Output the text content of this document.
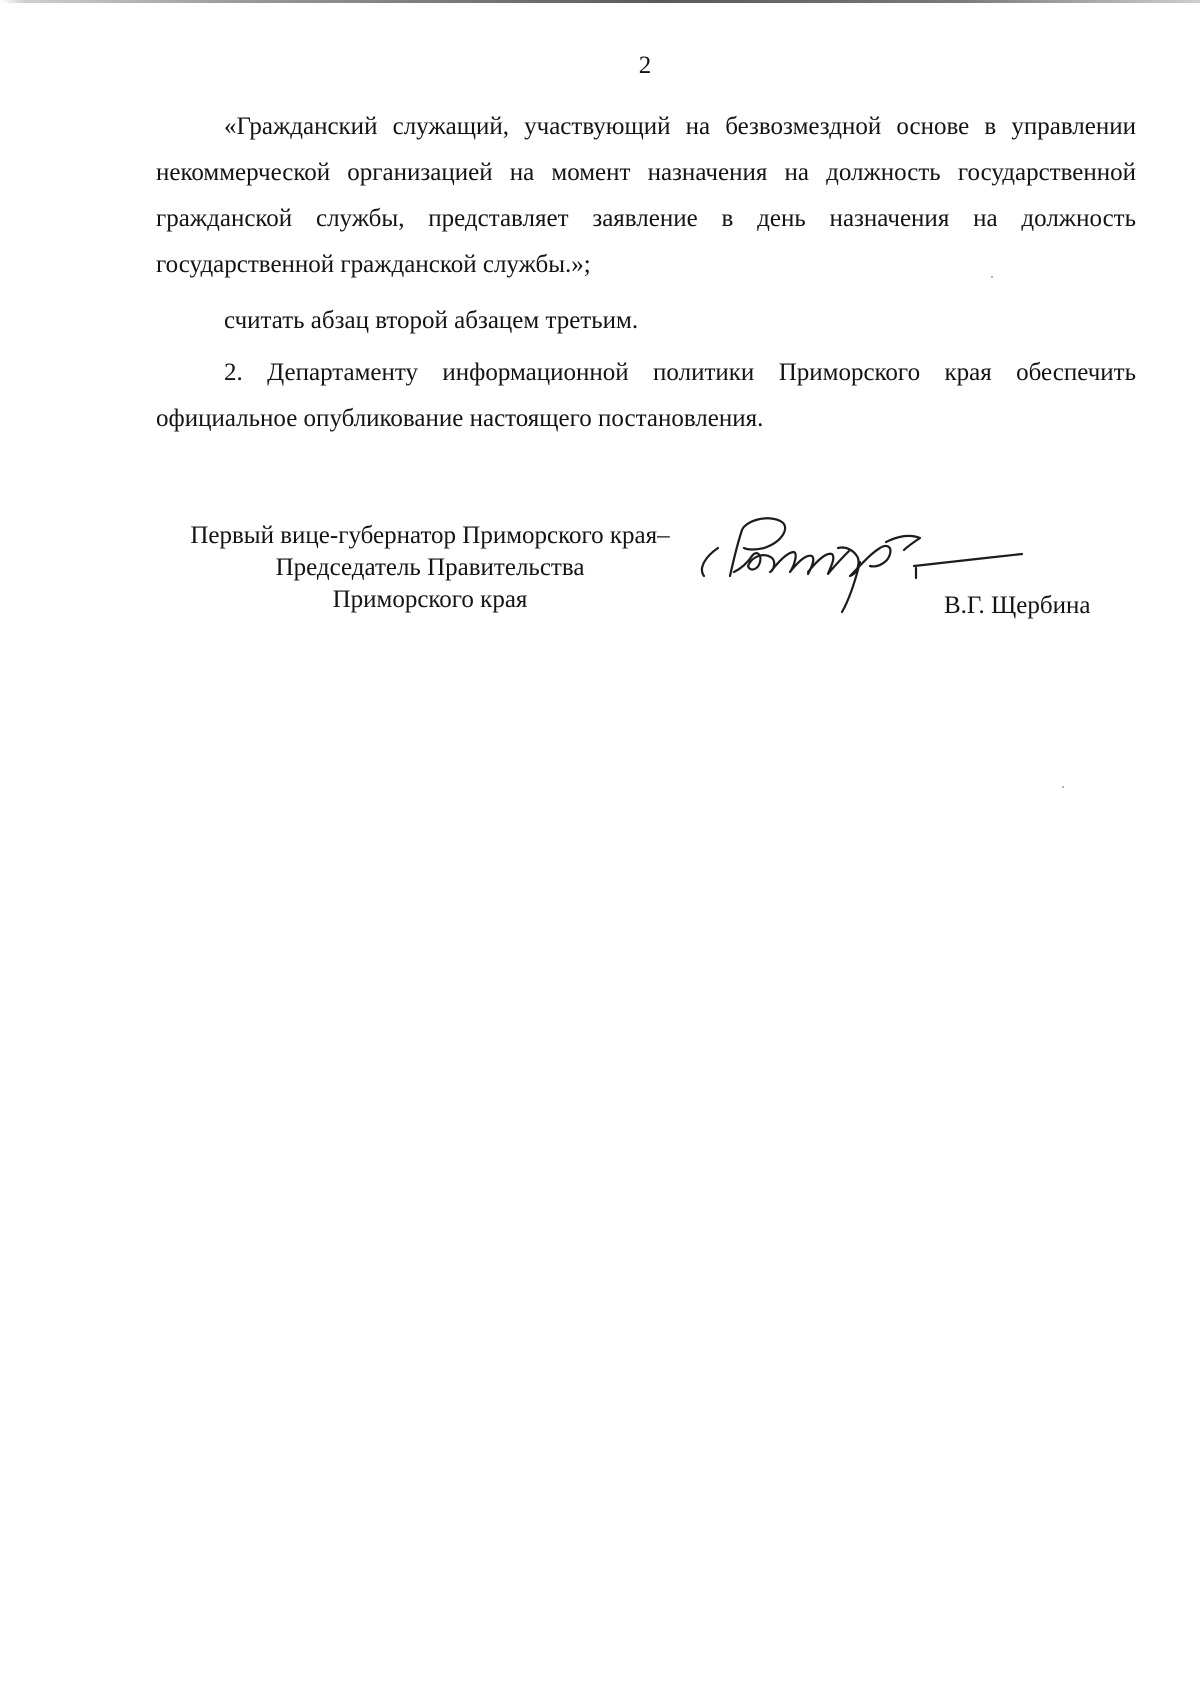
2

«Гражданский служащий, участвующий на безвозмездной основе в управлении некоммерческой организацией на момент назначения на должность государственной гражданской службы, представляет заявление в день назначения на должность государственной гражданской службы.»;

считать абзац второй абзацем третьим.

2. Департаменту информационной политики Приморского края обеспечить официальное опубликование настоящего постановления.

Первый вице-губернатор Приморского края–
Председатель Правительства
Приморского края	В.Г. Щербина
